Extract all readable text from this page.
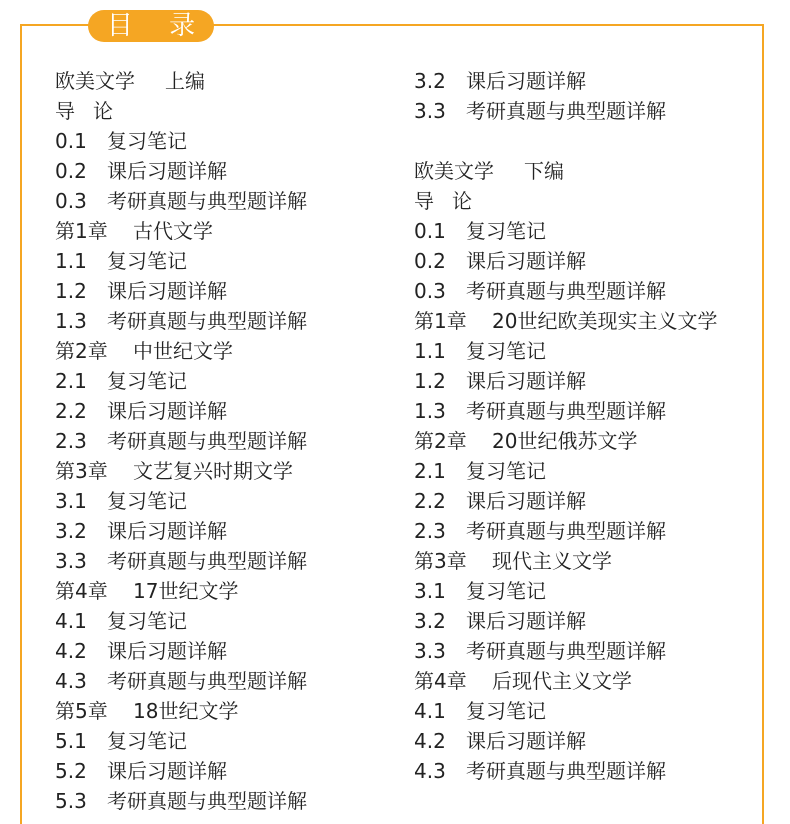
目 录
欧美文学 上编
导 论
0.1 复习笔记
0.2 课后习题详解
0.3 考研真题与典型题详解
第1章 古代文学
1.1 复习笔记
1.2 课后习题详解
1.3 考研真题与典型题详解
第2章 中世纪文学
2.1 复习笔记
2.2 课后习题详解
2.3 考研真题与典型题详解
第3章 文艺复兴时期文学
3.1 复习笔记
3.2 课后习题详解
3.3 考研真题与典型题详解
第4章 17世纪文学
4.1 复习笔记
4.2 课后习题详解
4.3 考研真题与典型题详解
第5章 18世纪文学
5.1 复习笔记
5.2 课后习题详解
5.3 考研真题与典型题详解
3.2 课后习题详解
3.3 考研真题与典型题详解
欧美文学 下编
导 论
0.1 复习笔记
0.2 课后习题详解
0.3 考研真题与典型题详解
第1章 20世纪欧美现实主义文学
1.1 复习笔记
1.2 课后习题详解
1.3 考研真题与典型题详解
第2章 20世纪俄苏文学
2.1 复习笔记
2.2 课后习题详解
2.3 考研真题与典型题详解
第3章 现代主义文学
3.1 复习笔记
3.2 课后习题详解
3.3 考研真题与典型题详解
第4章 后现代主义文学
4.1 复习笔记
4.2 课后习题详解
4.3 考研真题与典型题详解
